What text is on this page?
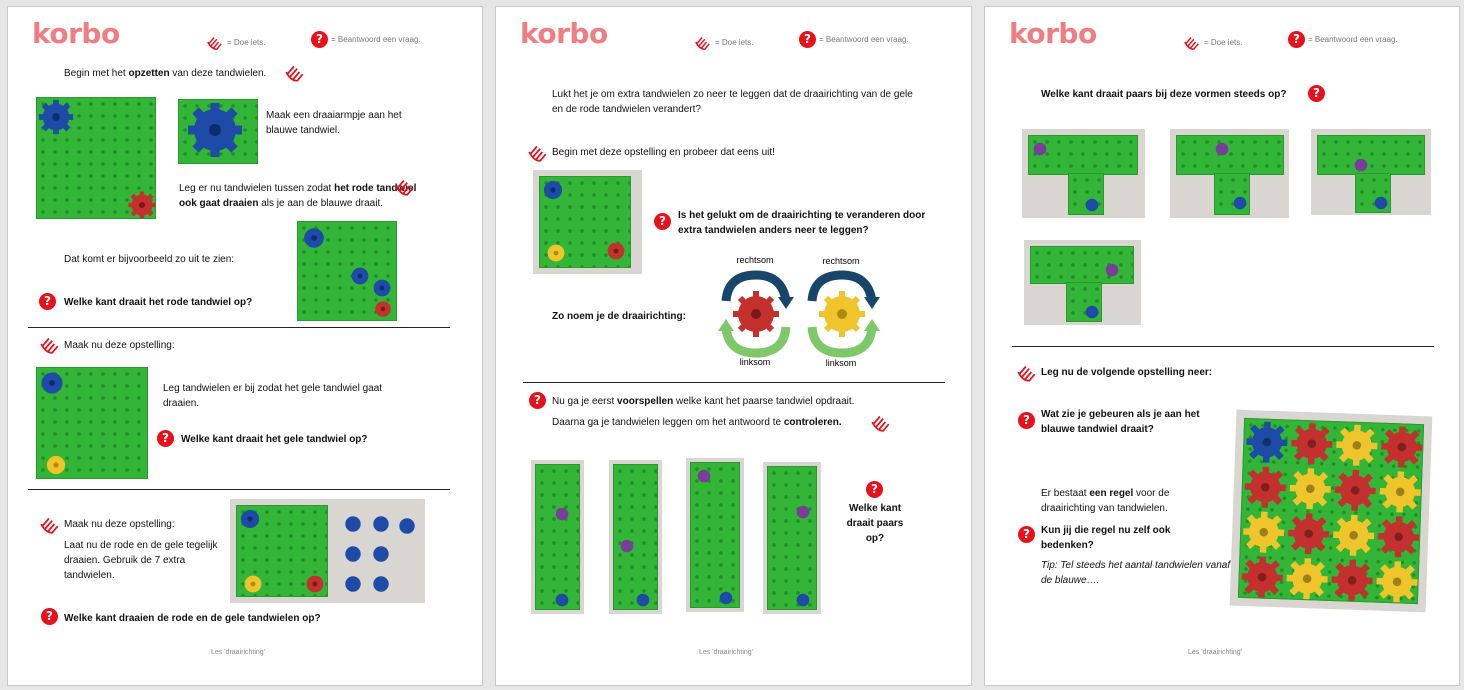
korbo	= Doe iets.	?	= Beantwoord een vraag.
Begin met het opzetten van deze tandwielen.
Maak een draaiarmpje aan het blauwe tandwiel.
Leg er nu tandwielen tussen zodat het rode tandwiel ook gaat draaien als je aan de blauwe draait.
Dat komt er bijvoorbeeld zo uit te zien:
?	Welke kant draait het rode tandwiel op?
Maak nu deze opstelling:
Leg tandwielen er bij zodat het gele tandwiel gaat draaien.
?	Welke kant draait het gele tandwiel op?
Maak nu deze opstelling:
Laat nu de rode en de gele tegelijk draaien. Gebruik de 7 extra tandwielen.
?	Welke kant draaien de rode en de gele tandwielen op?
Les 'draairichting'
korbo	= Doe iets.	?	= Beantwoord een vraag.
Lukt het je om extra tandwielen zo neer te leggen dat de draairichting van de gele en de rode tandwielen verandert?
Begin met deze opstelling en probeer dat eens uit!
?	Is het gelukt om de draairichting te veranderen door extra tandwielen anders neer te leggen?
rechtsom	rechtsom
linksom	linksom
Zo noem je de draairichting:
?	Nu ga je eerst voorspellen welke kant het paarse tandwiel opdraait.
Daarna ga je tandwielen leggen om het antwoord te controleren.
?
Welke kant draait paars op?
Les 'draairichting'
korbo	= Doe iets.	?	= Beantwoord een vraag.
Welke kant draait paars bij deze vormen steeds op?	?
Leg nu de volgende opstelling neer:
?	Wat zie je gebeuren als je aan het blauwe tandwiel draait?
Er bestaat een regel voor de draairichting van tandwielen.
?	Kun jij die regel nu zelf ook bedenken?
Tip: Tel steeds het aantal tandwielen vanaf de blauwe….
Les 'draairichting'
